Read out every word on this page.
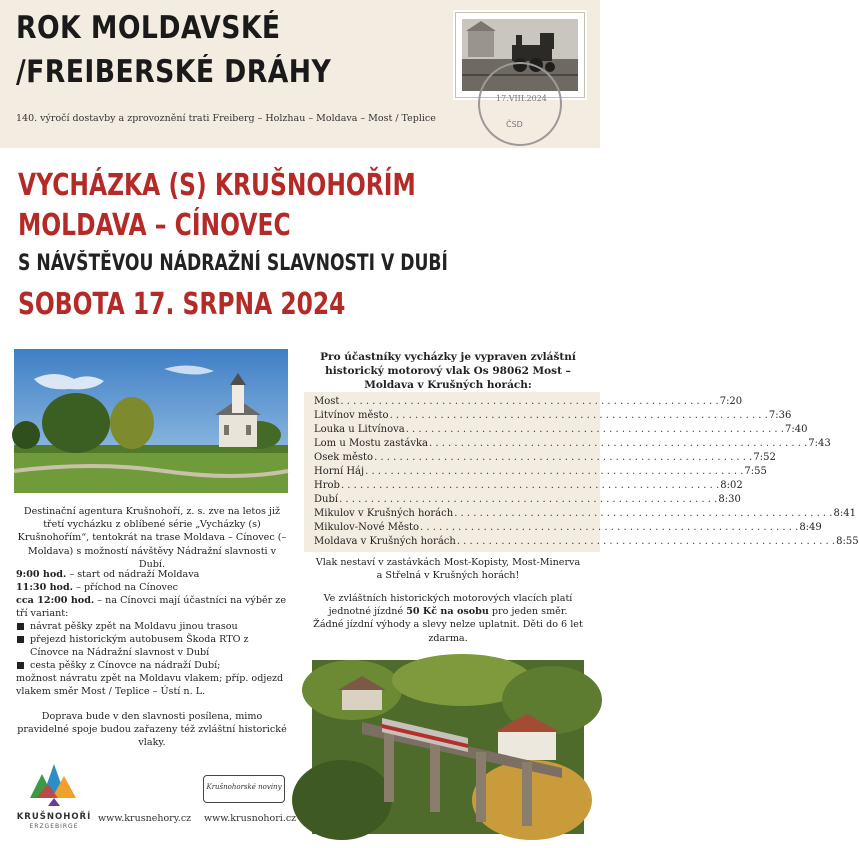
ROK MOLDAVSKÉ
/FREIBERSKÉ DRÁHY
140. výročí dostavby a zprovoznění trati Freiberg – Holzhau – Moldava – Most / Teplice
17.VIII.2024
ČSD
VYCHÁZKA (S) KRUŠNOHOŘÍM
MOLDAVA – CÍNOVEC
S NÁVŠTĚVOU NÁDRAŽNÍ SLAVNOSTI V DUBÍ
SOBOTA 17. SRPNA 2024
Destinační agentura Krušnohoří, z. s. zve na letos již třetí vycházku z oblíbené série „Vycházky (s) Krušnohořím“, tentokrát na trase Moldava – Cínovec (– Moldava) s možností návštěvy Nádražní slavnosti v Dubí.
9:00 hod. – start od nádraží Moldava
11:30 hod. – příchod na Cínovec
cca 12:00 hod. – na Cínovci mají účastníci na výběr ze tří variant:
návrat pěšky zpět na Moldavu jinou trasou
přejezd historickým autobusem Škoda RTO z Cínovce na Nádražní slavnost v Dubí
cesta pěšky z Cínovce na nádraží Dubí;
možnost návratu zpět na Moldavu vlakem; příp. odjezd vlakem směr Most / Teplice – Ústí n. L.
Doprava bude v den slavnosti posílena, mimo pravidelné spoje budou zařazeny též zvláštní historické vlaky.
Pro účastníky vycházky je vypraven zvláštní historický motorový vlak Os 98062 Most – Moldava v Krušných horách:
Most . . . . . . . . . . . . . . . . . . . . . . . . . . . . . . . . . . . . . . . . . . . . . . . . . . . . . . . . . . . . 7:20
Litvínov město . . . . . . . . . . . . . . . . . . . . . . . . . . . . . . . . . . . . . . . . . . . . . . . . . . . . . . . . . . . . 7:36
Louka u Litvínova . . . . . . . . . . . . . . . . . . . . . . . . . . . . . . . . . . . . . . . . . . . . . . . . . . . . . . . . . . . . 7:40
Lom u Mostu zastávka . . . . . . . . . . . . . . . . . . . . . . . . . . . . . . . . . . . . . . . . . . . . . . . . . . . . . . . . . . . . 7:43
Osek město . . . . . . . . . . . . . . . . . . . . . . . . . . . . . . . . . . . . . . . . . . . . . . . . . . . . . . . . . . . . 7:52
Horní Háj . . . . . . . . . . . . . . . . . . . . . . . . . . . . . . . . . . . . . . . . . . . . . . . . . . . . . . . . . . . . 7:55
Hrob . . . . . . . . . . . . . . . . . . . . . . . . . . . . . . . . . . . . . . . . . . . . . . . . . . . . . . . . . . . . 8:02
Dubí . . . . . . . . . . . . . . . . . . . . . . . . . . . . . . . . . . . . . . . . . . . . . . . . . . . . . . . . . . . . 8:30
Mikulov v Krušných horách . . . . . . . . . . . . . . . . . . . . . . . . . . . . . . . . . . . . . . . . . . . . . . . . . . . . . . . . . . . . 8:41
Mikulov-Nové Město . . . . . . . . . . . . . . . . . . . . . . . . . . . . . . . . . . . . . . . . . . . . . . . . . . . . . . . . . . . . 8:49
Moldava v Krušných horách . . . . . . . . . . . . . . . . . . . . . . . . . . . . . . . . . . . . . . . . . . . . . . . . . . . . . . . . . . . . 8:55
Vlak nestaví v zastávkách Most-Kopisty, Most-Minerva a Střelná v Krušných horách!
Ve zvláštních historických motorových vlacích platí jednotné jízdné 50 Kč na osobu pro jeden směr. Žádné jízdní výhody a slevy nelze uplatnit. Děti do 6 let zdarma.
KRUŠNOHOŘÍ
ERZGEBIRGE
www.krusnehory.cz
Krušnohorské noviny
www.krusnohori.cz
